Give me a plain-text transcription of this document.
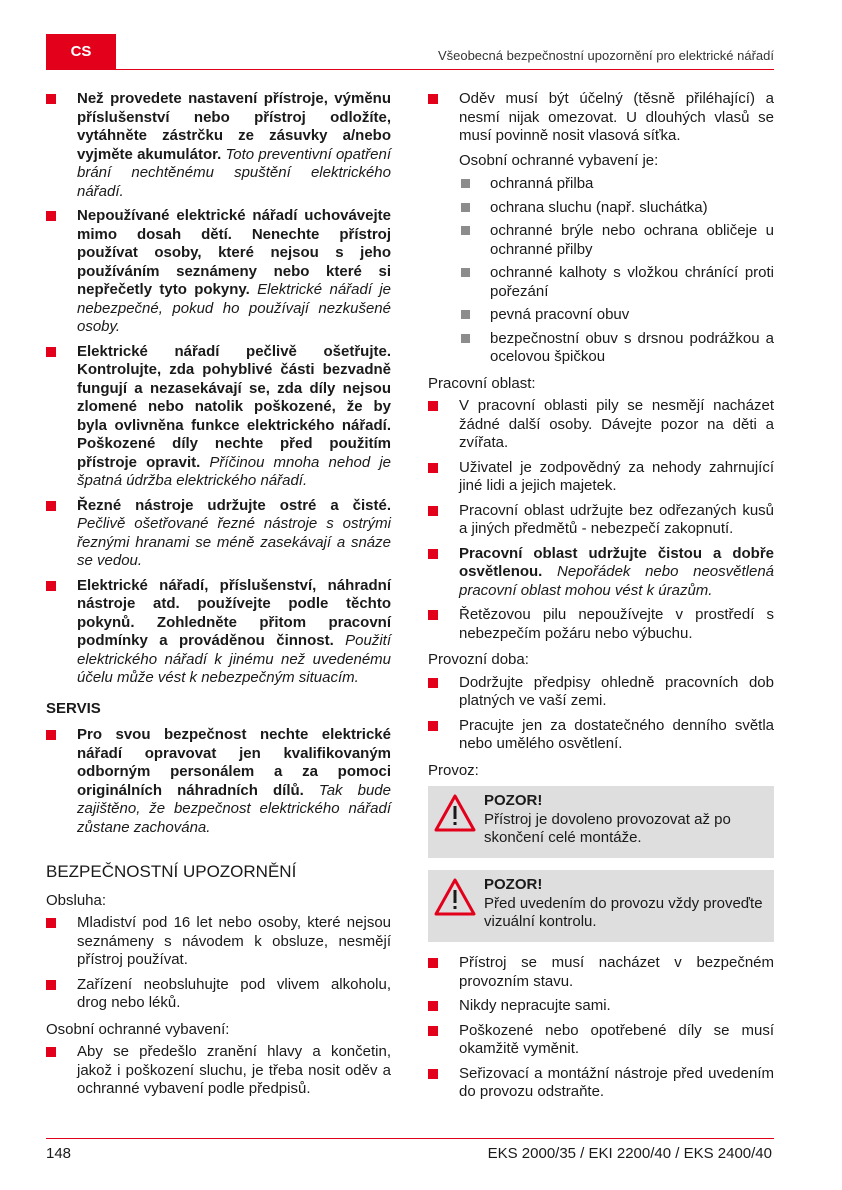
CS	Všeobecná bezpečnostní upozornění pro elektrické nářadí
Než provedete nastavení přístroje, výměnu příslušenství nebo přístroj odložíte, vytáhněte zástrčku ze zásuvky a/nebo vyjměte akumulátor. Toto preventivní opatření brání nechtěnému spuštění elektrického nářadí.
Nepoužívané elektrické nářadí uchovávejte mimo dosah dětí. Nenechte přístroj používat osoby, které nejsou s jeho používáním seznámeny nebo které si nepřečetly tyto pokyny. Elektrické nářadí je nebezpečné, pokud ho používají nezkušené osoby.
Elektrické nářadí pečlivě ošetřujte. Kontrolujte, zda pohyblivé části bezvadně fungují a nezasekávají se, zda díly nejsou zlomené nebo natolik poškozené, že by byla ovlivněna funkce elektrického nářadí. Poškozené díly nechte před použitím přístroje opravit. Příčinou mnoha nehod je špatná údržba elektrického nářadí.
Řezné nástroje udržujte ostré a čisté. Pečlivě ošetřované řezné nástroje s ostrými řeznými hranami se méně zasekávají a snáze se vedou.
Elektrické nářadí, příslušenství, náhradní nástroje atd. používejte podle těchto pokynů. Zohledněte přitom pracovní podmínky a prováděnou činnost. Použití elektrického nářadí k jinému než uvedenému účelu může vést k nebezpečným situacím.
SERVIS
Pro svou bezpečnost nechte elektrické nářadí opravovat jen kvalifikovaným odborným personálem a za pomoci originálních náhradních dílů. Tak bude zajištěno, že bezpečnost elektrického nářadí zůstane zachována.
BEZPEČNOSTNÍ UPOZORNĚNÍ
Obsluha:
Mladiství pod 16 let nebo osoby, které nejsou seznámeny s návodem k obsluze, nesmějí přístroj používat.
Zařízení neobsluhujte pod vlivem alkoholu, drog nebo léků.
Osobní ochranné vybavení:
Aby se předešlo zranění hlavy a končetin, jakož i poškození sluchu, je třeba nosit oděv a ochranné vybavení podle předpisů.
Oděv musí být účelný (těsně přiléhající) a nesmí nijak omezovat. U dlouhých vlasů se musí povinně nosit vlasová síťka.
Osobní ochranné vybavení je:
ochranná přilba
ochrana sluchu (např. sluchátka)
ochranné brýle nebo ochrana obličeje u ochranné přilby
ochranné kalhoty s vložkou chránící proti pořezání
pevná pracovní obuv
bezpečnostní obuv s drsnou podrážkou a ocelovou špičkou
Pracovní oblast:
V pracovní oblasti pily se nesmějí nacházet žádné další osoby. Dávejte pozor na děti a zvířata.
Uživatel je zodpovědný za nehody zahrnující jiné lidi a jejich majetek.
Pracovní oblast udržujte bez odřezaných kusů a jiných předmětů - nebezpečí zakopnutí.
Pracovní oblast udržujte čistou a dobře osvětlenou. Nepořádek nebo neosvětlená pracovní oblast mohou vést k úrazům.
Řetězovou pilu nepoužívejte v prostředí s nebezpečím požáru nebo výbuchu.
Provozní doba:
Dodržujte předpisy ohledně pracovních dob platných ve vaší zemi.
Pracujte jen za dostatečného denního světla nebo umělého osvětlení.
Provoz:
POZOR!
Přístroj je dovoleno provozovat až po skončení celé montáže.
POZOR!
Před uvedením do provozu vždy proveďte vizuální kontrolu.
Přístroj se musí nacházet v bezpečném provozním stavu.
Nikdy nepracujte sami.
Poškozené nebo opotřebené díly se musí okamžitě vyměnit.
Seřizovací a montážní nástroje před uvedením do provozu odstraňte.
148	EKS 2000/35 / EKI 2200/40 / EKS 2400/40
